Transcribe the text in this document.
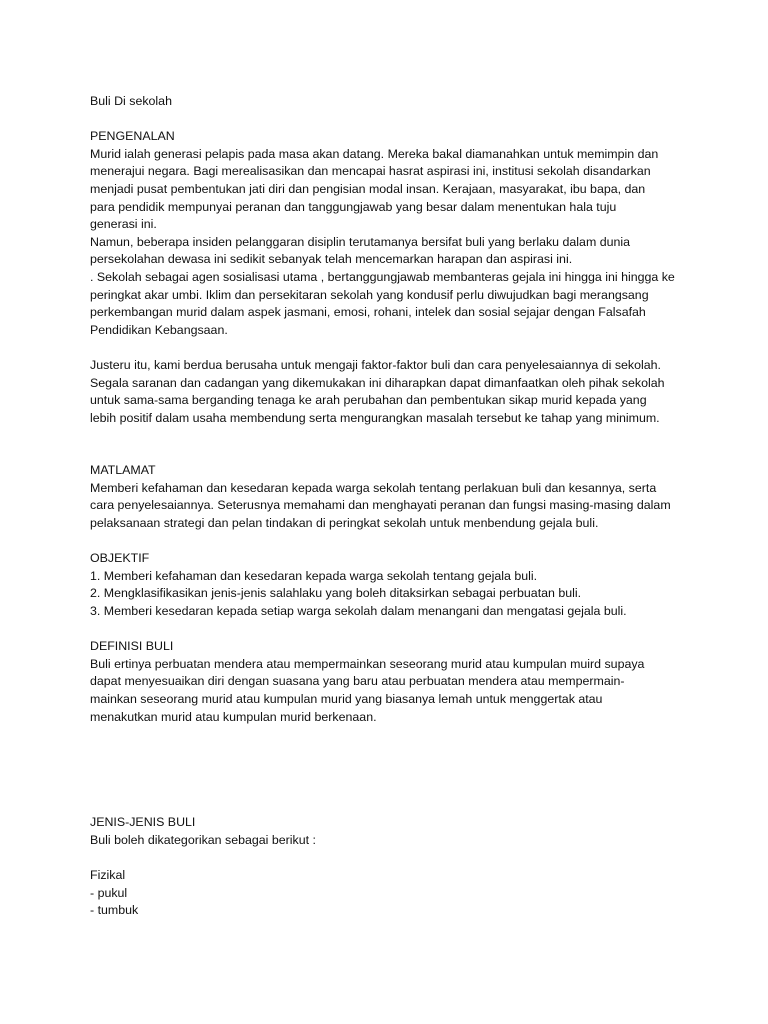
Buli Di sekolah
PENGENALAN
Murid ialah generasi pelapis pada masa akan datang. Mereka bakal diamanahkan untuk memimpin dan
menerajui negara. Bagi merealisasikan dan mencapai hasrat aspirasi ini, institusi sekolah disandarkan
menjadi pusat pembentukan jati diri dan pengisian modal insan. Kerajaan, masyarakat, ibu bapa, dan
para pendidik mempunyai peranan dan tanggungjawab yang besar dalam menentukan hala tuju
generasi ini.
Namun, beberapa insiden pelanggaran disiplin terutamanya bersifat buli yang berlaku dalam dunia
persekolahan dewasa ini sedikit sebanyak telah mencemarkan harapan dan aspirasi ini.
. Sekolah sebagai agen sosialisasi utama , bertanggungjawab membanteras gejala ini hingga ini hingga ke
peringkat akar umbi. Iklim dan persekitaran sekolah yang kondusif perlu diwujudkan bagi merangsang
perkembangan murid dalam aspek jasmani, emosi, rohani, intelek dan sosial sejajar dengan Falsafah
Pendidikan Kebangsaan.
Justeru itu, kami berdua berusaha untuk mengaji faktor-faktor buli dan cara penyelesaiannya di sekolah.
Segala saranan dan cadangan yang dikemukakan ini diharapkan dapat dimanfaatkan oleh pihak sekolah
untuk sama-sama berganding tenaga ke arah perubahan dan pembentukan sikap murid kepada yang
lebih positif dalam usaha membendung serta mengurangkan masalah tersebut ke tahap yang minimum.
MATLAMAT
Memberi kefahaman dan kesedaran kepada warga sekolah tentang perlakuan buli dan kesannya, serta
cara penyelesaiannya. Seterusnya memahami dan menghayati peranan dan fungsi masing-masing dalam
pelaksanaan strategi dan pelan tindakan di peringkat sekolah untuk menbendung gejala buli.
OBJEKTIF
1. Memberi kefahaman dan kesedaran kepada warga sekolah tentang gejala buli.
2. Mengklasifikasikan jenis-jenis salahlaku yang boleh ditaksirkan sebagai perbuatan buli.
3. Memberi kesedaran kepada setiap warga sekolah dalam menangani dan mengatasi gejala buli.
DEFINISI BULI
Buli ertinya perbuatan mendera atau mempermainkan seseorang murid atau kumpulan muird supaya
dapat menyesuaikan diri dengan suasana yang baru atau perbuatan mendera atau mempermain-
mainkan seseorang murid atau kumpulan murid yang biasanya lemah untuk menggertak atau
menakutkan murid atau kumpulan murid berkenaan.
JENIS-JENIS BULI
Buli boleh dikategorikan sebagai berikut :
Fizikal
- pukul
- tumbuk
